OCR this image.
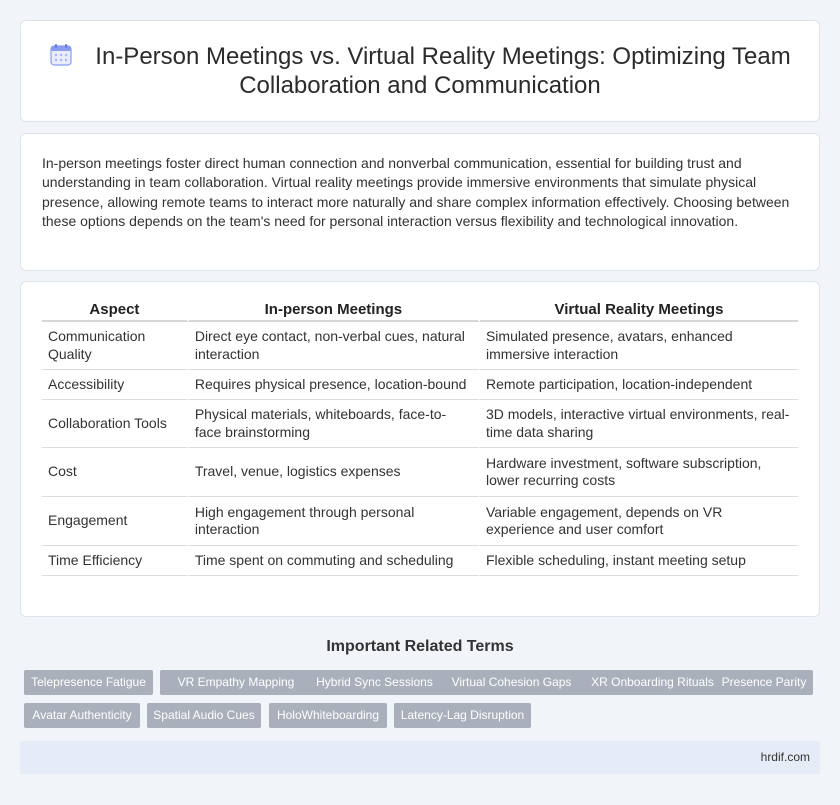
In-Person Meetings vs. Virtual Reality Meetings: Optimizing Team Collaboration and Communication

In-person meetings foster direct human connection and nonverbal communication, essential for building trust and understanding in team collaboration. Virtual reality meetings provide immersive environments that simulate physical presence, allowing remote teams to interact more naturally and share complex information effectively. Choosing between these options depends on the team's need for personal interaction versus flexibility and technological innovation.

Aspect	In-person Meetings	Virtual Reality Meetings
Communication Quality	Direct eye contact, non-verbal cues, natural interaction	Simulated presence, avatars, enhanced immersive interaction
Accessibility	Requires physical presence, location-bound	Remote participation, location-independent
Collaboration Tools	Physical materials, whiteboards, face-to-face brainstorming	3D models, interactive virtual environments, real-time data sharing
Cost	Travel, venue, logistics expenses	Hardware investment, software subscription, lower recurring costs
Engagement	High engagement through personal interaction	Variable engagement, depends on VR experience and user comfort
Time Efficiency	Time spent on commuting and scheduling	Flexible scheduling, instant meeting setup
Important Related Terms
Telepresence Fatigue	VR Empathy Mapping	Hybrid Sync Sessions	Virtual Cohesion Gaps	XR Onboarding Rituals Presence Parity
Avatar Authenticity	Spatial Audio Cues	HoloWhiteboarding	Latency-Lag Disruption
hrdif.com
